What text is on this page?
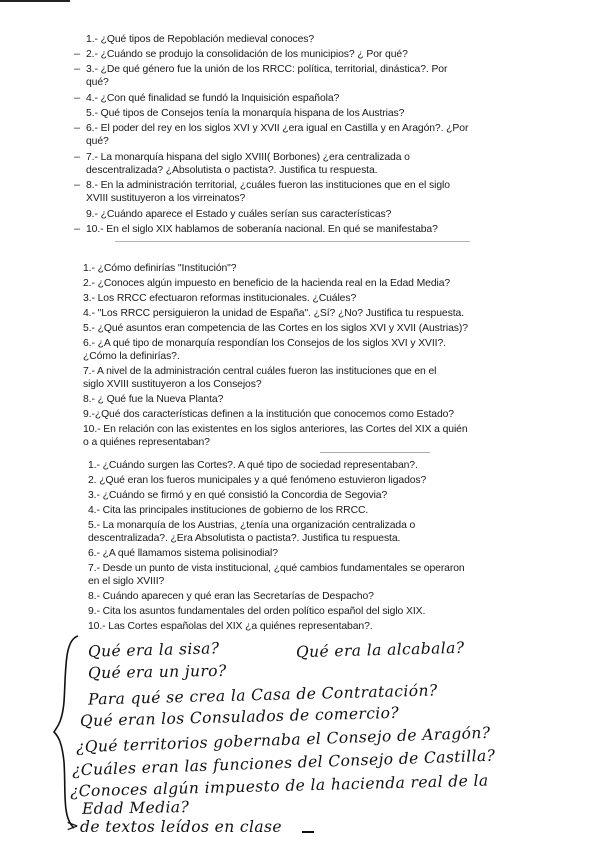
1.- ¿Qué tipos de Repoblación medieval conoces?

2.- ¿Cuándo se produjo la consolidación de los municipios? ¿ Por qué?

3.- ¿De qué género fue la unión de los RRCC: política, territorial, dinástica?. Por

qué?

4.- ¿Con qué finalidad se fundó la Inquisición española?

5.- Qué tipos de Consejos tenía la monarquía hispana de los Austrias?

6.- El poder del rey en los siglos XVI y XVII ¿era igual en Castilla y en Aragón?. ¿Por

qué?

7.- La monarquía hispana del siglo XVIII( Borbones) ¿era centralizada o

descentralizada? ¿Absolutista o pactista?. Justifica tu respuesta.

8.- En la administración territorial, ¿cuáles fueron las instituciones que en el siglo

XVIII sustituyeron a los virreinatos?

9.- ¿Cuándo aparece el Estado y cuáles serían sus características?

10.- En el siglo XIX hablamos de soberanía nacional. En qué se manifestaba?

–
–
–
–
–
–
–

1.- ¿Cómo definirías "Institución"?

2.- ¿Conoces algún impuesto en beneficio de la hacienda real en la Edad Media?

3.- Los RRCC efectuaron reformas institucionales. ¿Cuáles?

4.- "Los RRCC persiguieron la unidad de España". ¿Sí? ¿No? Justifica tu respuesta.

5.- ¿Qué asuntos eran competencia de las Cortes en los siglos XVI y XVII (Austrias)?

6.- ¿A qué tipo de monarquía respondían los Consejos de los siglos XVI y XVII?.

¿Cómo la definirías?.

7.- A nivel de la administración central cuáles fueron las instituciones que en el

siglo XVIII sustituyeron a los Consejos?

8.- ¿ Qué fue la Nueva Planta?

9.-¿Qué dos características definen a la institución que conocemos como Estado?

10.- En relación con las existentes en los siglos anteriores, las Cortes del XIX a quién

o a quiénes representaban?

1.- ¿Cuándo surgen las Cortes?. A qué tipo de sociedad representaban?.

2. ¿Qué eran los fueros municipales y a qué fenómeno estuvieron ligados?

3.- ¿Cuándo se firmó y en qué consistió la Concordia de Segovia?

4.- Cita las principales instituciones de gobierno de los RRCC.

5.- La monarquía de los Austrias, ¿tenía una organización centralizada o

descentralizada?. ¿Era Absolutista o pactista?. Justifica tu respuesta.

6.- ¿A qué llamamos sistema polisinodial?

7.- Desde un punto de vista institucional, ¿qué cambios fundamentales se operaron

en el siglo XVIII?

8.- Cuándo aparecen y qué eran las Secretarías de Despacho?

9.- Cita los asuntos fundamentales del orden político español del siglo XIX.

10.- Las Cortes españolas del XIX ¿a quiénes representaban?.

Qué era la sisa?	Qué era la alcabala?

Qué era un juro?

Para qué se crea la Casa de Contratación?

Qué eran los Consulados de comercio?

¿Qué territorios gobernaba el Consejo de Aragón?

¿Cuáles eran las funciones del Consejo de Castilla?

¿Conoces algún impuesto de la hacienda real de la

Edad Media?

> de textos leídos en clase
